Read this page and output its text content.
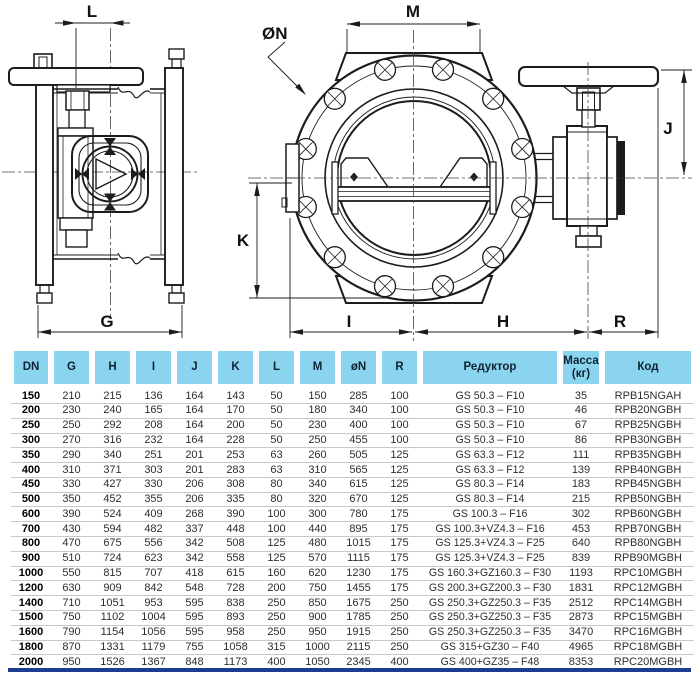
L
G
M
ØN
K
J
I	H	R
DN	G	H	I	J	K	L	M	øN	R	Редуктор	Масса (кг)	Код
150	210	215	136	164	143	50	150	285	100	GS 50.3 – F10	35	RPB15NGAH
200	230	240	165	164	170	50	180	340	100	GS 50.3 – F10	46	RPB20NGBH
250	250	292	208	164	200	50	230	400	100	GS 50.3 – F10	67	RPB25NGBH
300	270	316	232	164	228	50	250	455	100	GS 50.3 – F10	86	RPB30NGBH
350	290	340	251	201	253	63	260	505	125	GS 63.3 – F12	111	RPB35NGBH
400	310	371	303	201	283	63	310	565	125	GS 63.3 – F12	139	RPB40NGBH
450	330	427	330	206	308	80	340	615	125	GS 80.3 – F14	183	RPB45NGBH
500	350	452	355	206	335	80	320	670	125	GS 80.3 – F14	215	RPB50NGBH
600	390	524	409	268	390	100	300	780	175	GS 100.3 – F16	302	RPB60NGBH
700	430	594	482	337	448	100	440	895	175	GS 100.3+VZ4.3 – F16	453	RPB70NGBH
800	470	675	556	342	508	125	480	1015	175	GS 125.3+VZ4.3 – F25	640	RPB80NGBH
900	510	724	623	342	558	125	570	1115	175	GS 125.3+VZ4.3 – F25	839	RPB90MGBH
1000	550	815	707	418	615	160	620	1230	175	GS 160.3+GZ160.3 – F30	1193	RPC10MGBH
1200	630	909	842	548	728	200	750	1455	175	GS 200.3+GZ200.3 – F30	1831	RPC12MGBH
1400	710	1051	953	595	838	250	850	1675	250	GS 250.3+GZ250.3 – F35	2512	RPC14MGBH
1500	750	1102	1004	595	893	250	900	1785	250	GS 250.3+GZ250.3 – F35	2873	RPC15MGBH
1600	790	1154	1056	595	958	250	950	1915	250	GS 250.3+GZ250.3 – F35	3470	RPC16MGBH
1800	870	1331	1179	755	1058	315	1000	2115	250	GS 315+GZ30 – F40	4965	RPC18MGBH
2000	950	1526	1367	848	1173	400	1050	2345	400	GS 400+GZ35 – F48	8353	RPC20MGBH
